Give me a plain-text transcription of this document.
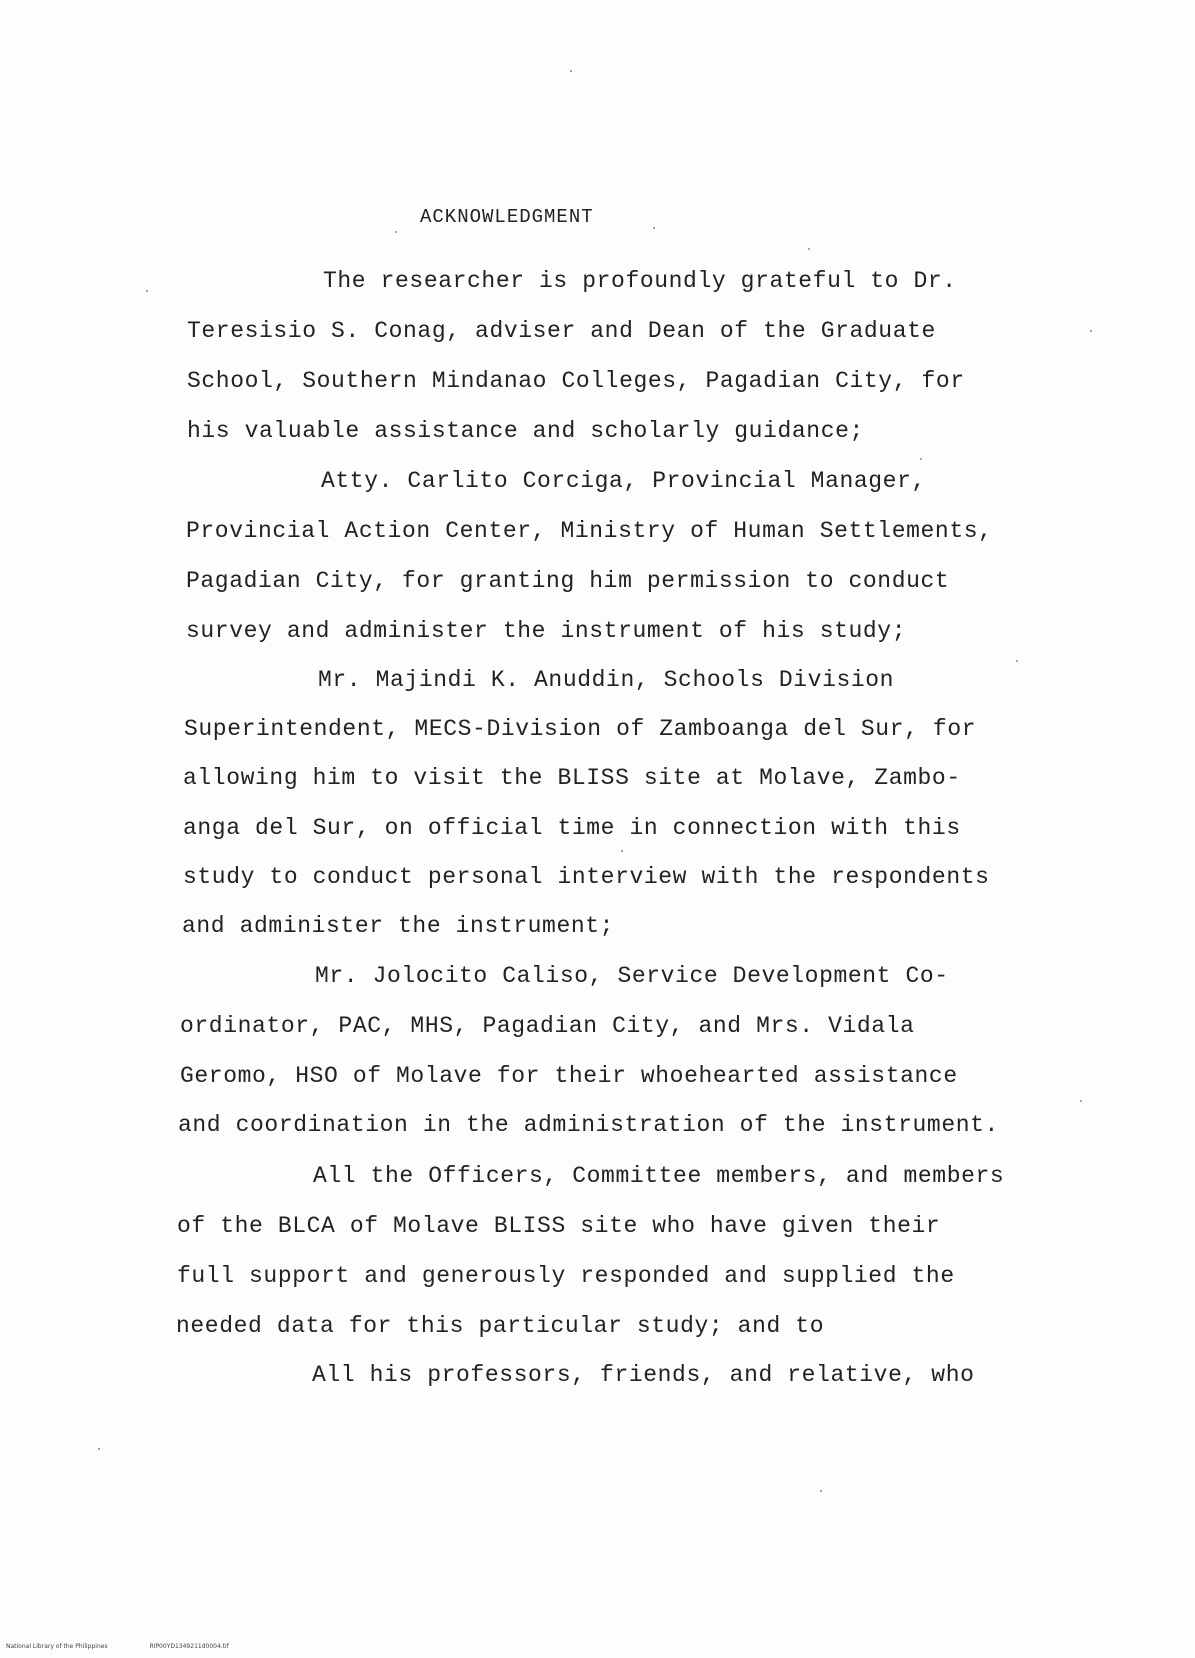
ACKNOWLEDGMENT
The researcher is profoundly grateful to Dr.
Teresisio S. Conag, adviser and Dean of the Graduate
School, Southern Mindanao Colleges, Pagadian City, for
his valuable assistance and scholarly guidance;
Atty. Carlito Corciga, Provincial Manager,
Provincial Action Center, Ministry of Human Settlements,
Pagadian City, for granting him permission to conduct
survey and administer the instrument of his study;
Mr. Majindi K. Anuddin, Schools Division
Superintendent, MECS-Division of Zamboanga del Sur, for
allowing him to visit the BLISS site at Molave, Zambo-
anga del Sur, on official time in connection with this
study to conduct personal interview with the respondents
and administer the instrument;
Mr. Jolocito Caliso, Service Development Co-
ordinator, PAC, MHS, Pagadian City, and Mrs. Vidala
Geromo, HSO of Molave for their whoehearted assistance
and coordination in the administration of the instrument.
All the Officers, Committee members, and members
of the BLCA of Molave BLISS site who have given their
full support and generously responded and supplied the
needed data for this particular study; and to
All his professors, friends, and relative, who
National Library of the Philippines	RIP00YD1349211d0004.tif
